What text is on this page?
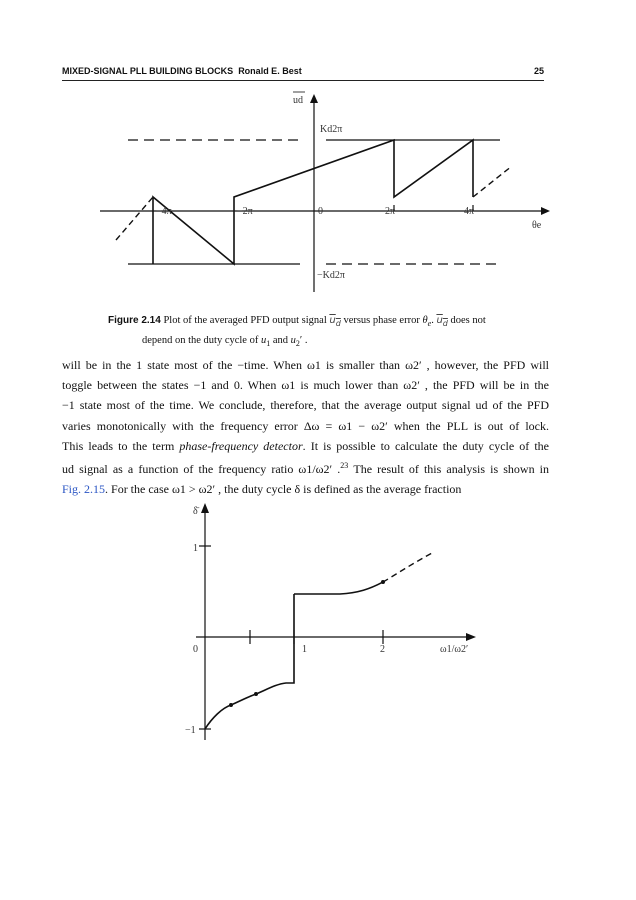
MIXED-SIGNAL PLL BUILDING BLOCKS Ronald E. Best	25
ud
θe
Kd2π
−Kd2π
−4π	−2π	0	2π	4π
Figure 2.14 Plot of the averaged PFD output signal $u_d$ versus phase error $\theta_e$. $u_d$ does not
depend on the duty cycle of $u_1$ and $u_2'$ .

will be in the 1 state most of the −time. When ω1 is smaller than ω2′ , however, the PFD will

toggle between the states −1 and 0. When ω1 is much lower than ω2′ , the PFD will be in the

−1 state most of the time. We conclude, therefore, that the average output signal ud of the PFD

varies monotonically with the frequency error Δω = ω1 − ω2′ when the PLL is out of lock.

This leads to the term phase-frequency detector. It is possible to calculate the duty cycle of the

ud signal as a function of the frequency ratio ω1/ω2′ .$^{23}$ The result of this analysis is shown in

Fig. 2.15. For the case ω1 > ω2′ , the duty cycle δ is defined as the average fraction

δ̄
1
0
−1
1	2	ω1/ω2′
